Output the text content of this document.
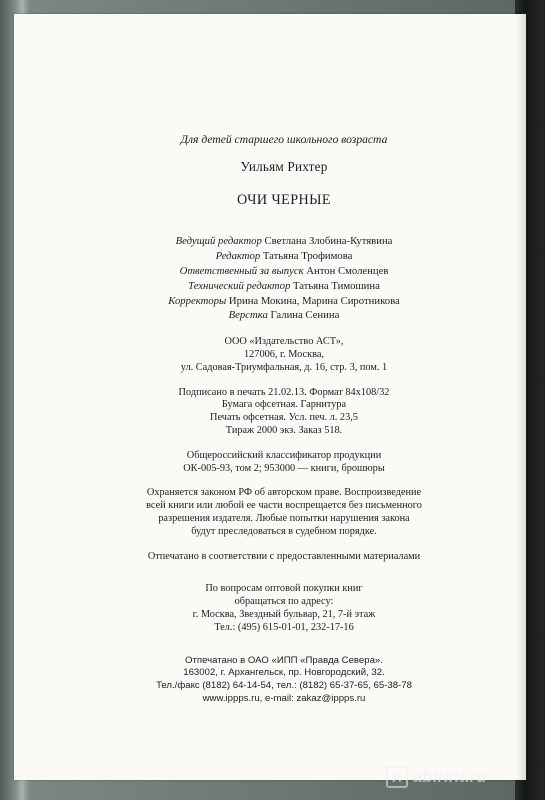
Для детей старшего школьного возраста
Уильям Рихтер
ОЧИ ЧЕРНЫЕ
Ведущий редактор Светлана Злобина-Кутявина
Редактор Татьяна Трофимова
Ответственный за выпуск Антон Смоленцев
Технический редактор Татьяна Тимошина
Корректоры Ирина Мокина, Марина Сиротникова
Верстка Галина Сенина
ООО «Издательство АСТ»,
127006, г. Москва,
ул. Садовая-Триумфальная, д. 16, стр. 3, пом. 1
Подписано в печать 21.02.13. Формат 84х108/32
Бумага офсетная. Гарнитура
Печать офсетная. Усл. печ. л. 23,5
Тираж 2000 экз. Заказ 518.
Общероссийский классификатор продукции
ОК-005-93, том 2; 953000 — книги, брошюры
Охраняется законом РФ об авторском праве. Воспроизведение
всей книги или любой ее части воспрещается без письменного
разрешения издателя. Любые попытки нарушения закона
будут преследоваться в судебном порядке.
Отпечатано в соответствии с предоставленными материалами
По вопросам оптовой покупки книг
обращаться по адресу:
г. Москва, Звездный бульвар, 21, 7-й этаж
Тел.: (495) 615-01-01, 232-17-16
Отпечатано в ОАО «ИПП «Правда Севера».
163002, г. Архангельск, пр. Новгородский, 32.
Тел./факс (8182) 64-14-54, тел.: (8182) 65-37-65, 65-38-78
www.ippps.ru, e-mail: zakaz@ippps.ru
Л abirint.ru
